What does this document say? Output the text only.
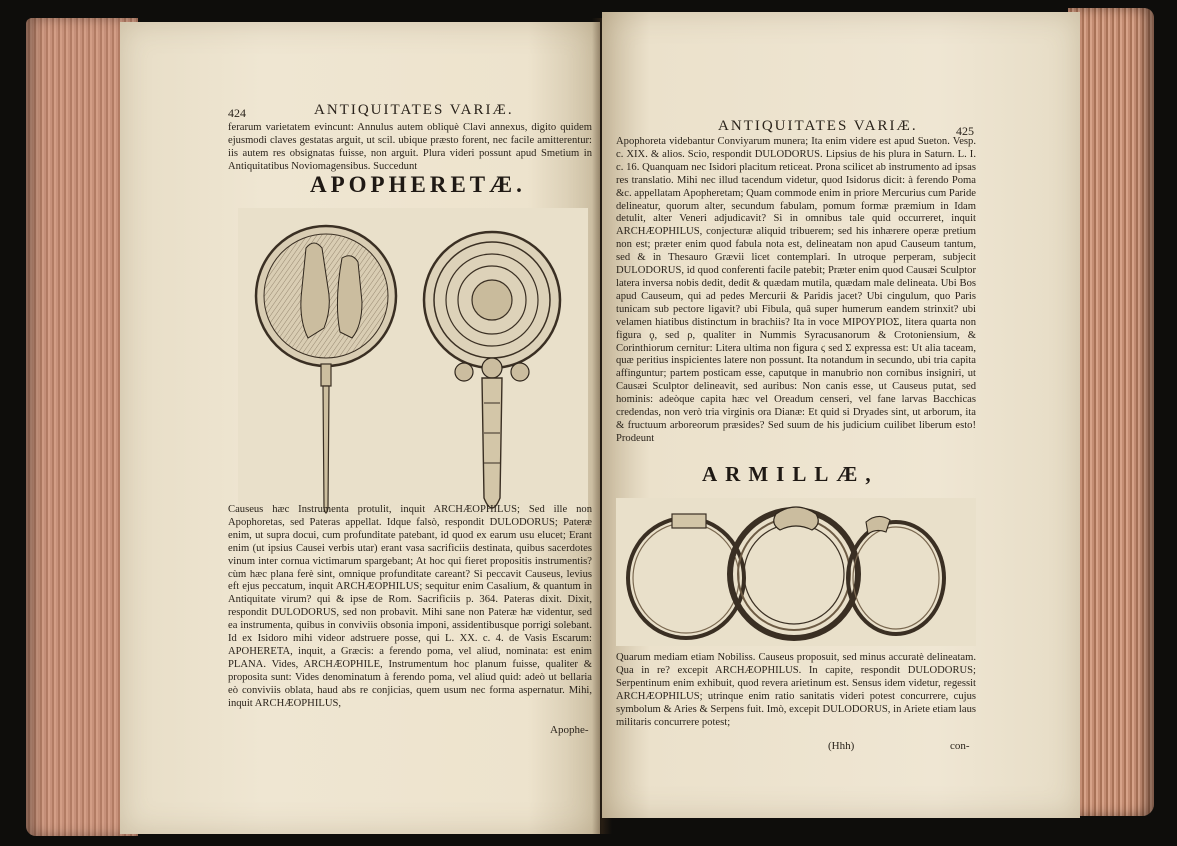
424	ANTIQUITATES VARIÆ.

ferarum varietatem evincunt: Annulus autem obliquè Clavi annexus, digito quidem ejusmodi claves gestatas arguit, ut scil. ubique præsto forent, nec facile amitterentur: iis autem res obsignatas fuisse, non arguit. Plura videri possunt apud Smetium in Antiquitatibus Noviomagensibus. Succedunt

APOPHERETÆ.

Causeus hæc Instrumenta protulit, inquit ARCHÆOPHILUS; Sed ille non Apophoretas, sed Pateras appellat. Idque falsò, respondit DULODORUS; Pateræ enim, ut supra docui, cum profunditate patebant, id quod ex earum usu elucet; Erant enim (ut ipsius Causei verbis utar) erant vasa sacrificiis destinata, quibus sacerdotes vinum inter cornua victimarum spargebant; At hoc qui fieret propositis instrumentis? cùm hæc plana ferè sint, omnique profunditate careant? Si peccavit Causeus, levius eft ejus peccatum, inquit ARCHÆOPHILUS; sequitur enim Casalium, & quantum in Antiquitate virum? qui & ipse de Rom. Sacrificiis p. 364. Pateras dixit. Dixit, respondit DULODORUS, sed non probavit. Mihi sane non Pateræ hæ videntur, sed ea instrumenta, quibus in conviviis obsonia imponi, assidentibusque porrigi solebant. Id ex Isidoro mihi videor adstruere posse, qui L. XX. c. 4. de Vasis Escarum: APOHERETA, inquit, a Græcis: a ferendo poma, vel aliud, nominata: est enim PLANA. Vides, ARCHÆOPHILE, Instrumentum hoc planum fuisse, qualiter & proposita sunt: Vides denominatum à ferendo poma, vel aliud quid: adeò ut bellaria eò conviviis oblata, haud abs re conjicias, quem usum nec forma aspernatur. Mihi, inquit ARCHÆOPHILUS,

Apophe-
ANTIQUITATES VARIÆ.	425

Apophoreta videbantur Conviyarum munera; Ita enim videre est apud Sueton. Vesp. c. XIX. & alios. Scio, respondit DULODORUS. Lipsius de his plura in Saturn. L. I. c. 16. Quanquam nec Isidori placitum reticeat. Prona scilicet ab instrumento ad ipsas res translatio. Mihi nec illud tacendum videtur, quod Isidorus dicit: à ferendo Poma &c. appellatam Apopheretam; Quam commode enim in priore Mercurius cum Paride delineatur, quorum alter, secundum fabulam, pomum formæ præmium in Idam detulit, alter Veneri adjudicavit? Si in omnibus tale quid occurreret, inquit ARCHÆOPHILUS, conjecturæ aliquid tribuerem; sed his inhærere operæ pretium non est; præter enim quod fabula nota est, delineatam non apud Causeum tantum, sed & in Thesauro Grævii licet contemplari. In utroque perperam, subjecit DULODORUS, id quod conferenti facile patebit; Præter enim quod Causæi Sculptor latera inversa nobis dedit, dedit & quædam mutila, quædam male delineata. Ubi Bos apud Causeum, qui ad pedes Mercurii & Paridis jacet? Ubi cingulum, quo Paris tunicam sub pectore ligavit? ubi Fibula, quâ super humerum eandem strinxit? ubi velamen hiatibus distinctum in brachiis? Ita in voce ΜΙΡΟΥΡΙΟΣ, litera quarta non figura ϙ, sed ρ, qualiter in Nummis Syracusanorum & Crotoniensium, & Corinthiorum cernitur: Litera ultima non figura ϛ sed Σ expressa est: Ut alia taceam, quæ peritius inspicientes latere non possunt. Ita notandum in secundo, ubi tria capita affinguntur; partem posticam esse, caputque in manubrio non cornibus insigniri, ut Causæi Sculptor delineavit, sed auribus: Non canis esse, ut Causeus putat, sed hominis: adeòque capita hæc vel Oreadum censeri, vel fane larvas Bacchicas credendas, non verò tria virginis ora Dianæ: Et quid si Dryades sint, ut arborum, ita & fructuum arboreorum præsides? Sed suum de his judicium cuilibet liberum esto! Prodeunt

ARMILLÆ,

Quarum mediam etiam Nobiliss. Causeus proposuit, sed minus accuratè delineatam. Qua in re? excepit ARCHÆOPHILUS. In capite, respondit DULODORUS; Serpentinum enim exhibuit, quod revera arietinum est. Sensus idem videtur, regessit ARCHÆOPHILUS; utrinque enim ratio sanitatis videri potest concurrere, cujus symbolum & Aries & Serpens fuit. Imò, excepit DULODORUS, in Ariete etiam laus militaris concurrere potest;

(Hhh)	con-
